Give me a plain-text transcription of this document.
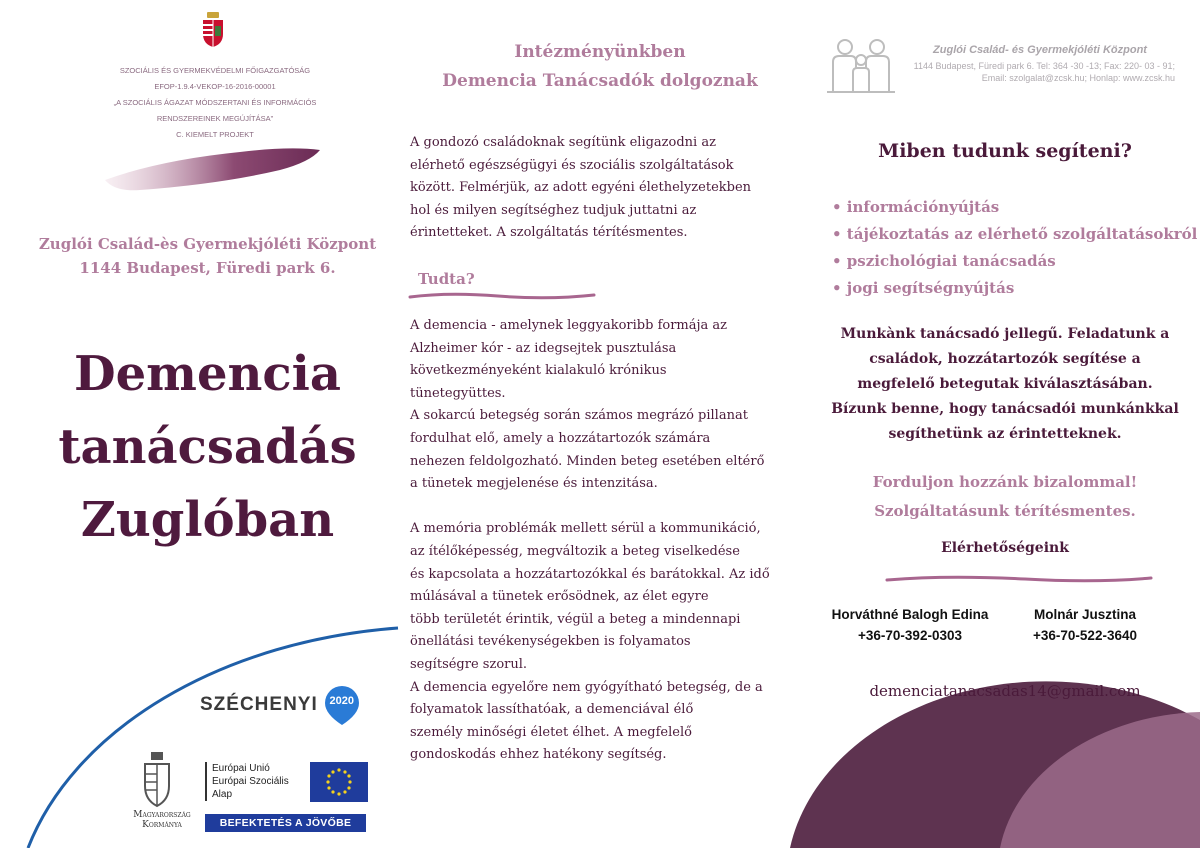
SZOCIÁLIS ÉS GYERMEKVÉDELMI FŐIGAZGATÓSÁG
EFOP-1.9.4-VEKOP-16-2016-00001
„A SZOCIÁLIS ÁGAZAT MÓDSZERTANI ÉS INFORMÁCIÓS RENDSZEREINEK MEGÚJÍTÁSA”
C. KIEMELT PROJEKT
Zuglói Család-ès Gyermekjóléti Központ
1144 Budapest, Füredi park 6.
Demencia
tanácsadás
Zuglóban
SZÉCHENYI	2020
Magyarország
Kormánya
Európai Unió
Európai Szociális
Alap
BEFEKTETÉS A JÖVŐBE
Intézményünkben
Demencia Tanácsadók dolgoznak
A gondozó családoknak segítünk eligazodni az
elérhető egészségügyi és szociális szolgáltatások
között. Felmérjük, az adott egyéni élethelyzetekben
hol és milyen segítséghez tudjuk juttatni az
érintetteket. A szolgáltatás térítésmentes.
Tudta?
A demencia - amelynek leggyakoribb formája az
Alzheimer kór - az idegsejtek pusztulása
következményeként kialakuló krónikus
tünetegyüttes.
A sokarcú betegség során számos megrázó pillanat
fordulhat elő, amely a hozzátartozók számára
nehezen feldolgozható. Minden beteg esetében eltérő
a tünetek megjelenése és intenzitása.
A memória problémák mellett sérül a kommunikáció,
az ítélőképesség, megváltozik a beteg viselkedése
és kapcsolata a hozzátartozókkal és barátokkal. Az idő
múlásával a tünetek erősödnek, az élet egyre
több területét érintik, végül a beteg a mindennapi
önellátási tevékenységekben is folyamatos
segítségre szorul.
A demencia egyelőre nem gyógyítható betegség, de a
folyamatok lassíthatóak, a demenciával élő
személy minőségi életet élhet. A megfelelő
gondoskodás ehhez hatékony segítség.
Zuglói Család- és Gyermekjóléti Központ
1144 Budapest, Füredi park 6. Tel: 364 -30 -13; Fax: 220- 03 - 91;
Email: szolgalat@zcsk.hu; Honlap: www.zcsk.hu
Miben tudunk segíteni?
• információnyújtás
• tájékoztatás az elérhető szolgáltatásokról
• pszichológiai tanácsadás
• jogi segítségnyújtás
Munkànk tanácsadó jellegű. Feladatunk a
családok, hozzátartozók segítése a
megfelelő betegutak kiválasztásában.
Bízunk benne, hogy tanácsadói munkánkkal
segíthetünk az érintetteknek.
Forduljon hozzánk bizalommal!
Szolgáltatásunk térítésmentes.
Elérhetőségeink
Horváthné Balogh Edina
+36-70-392-0303
Molnár Jusztina
+36-70-522-3640
demenciatanacsadas14@gmail.com
